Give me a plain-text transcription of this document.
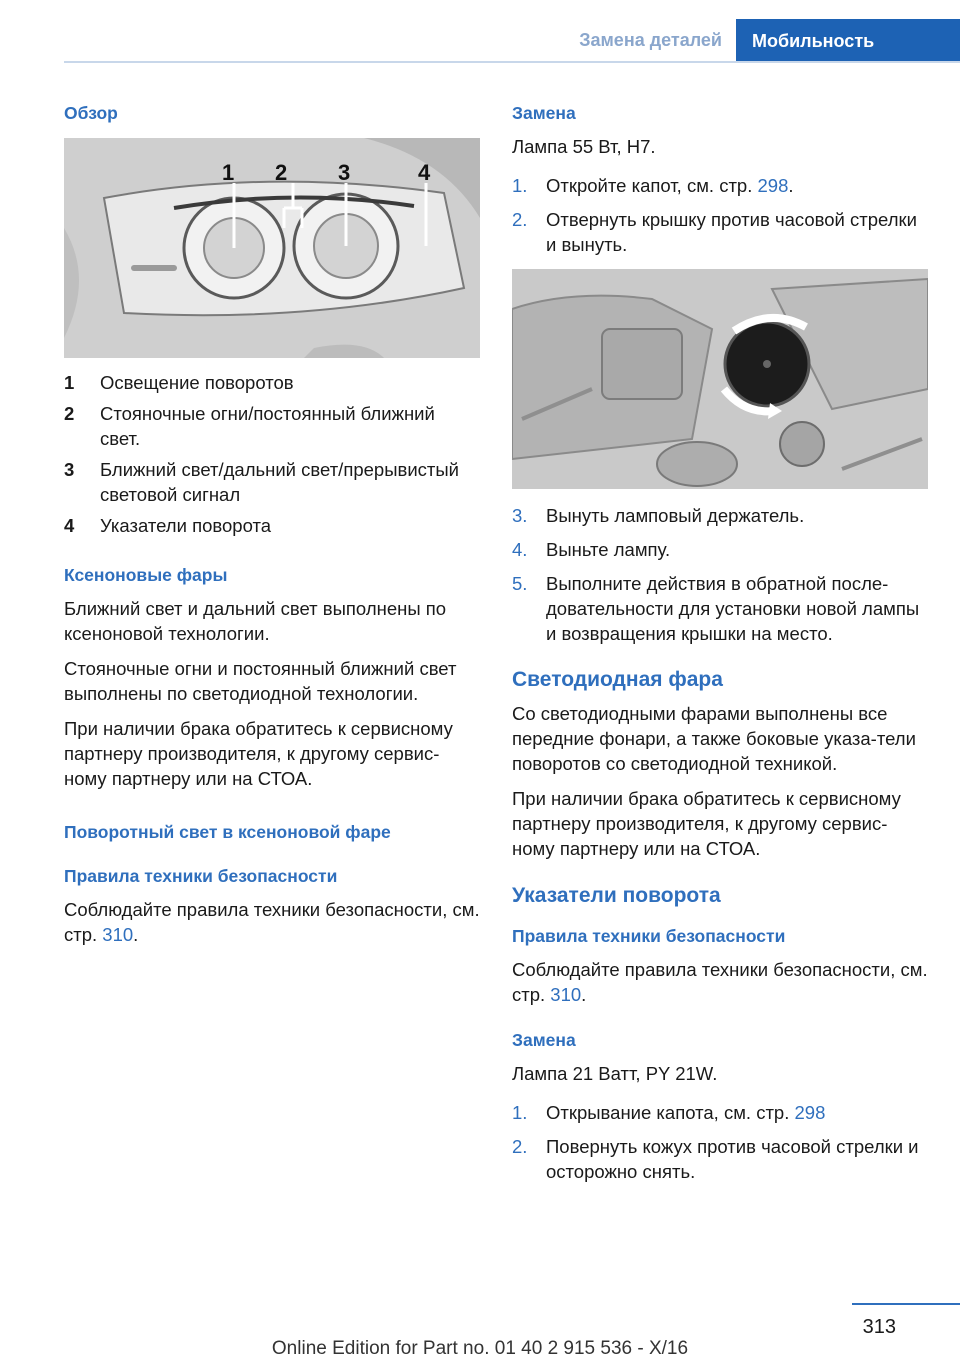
Замена деталей	Мобильность
Обзор
1 2 3	4
1	Освещение поворотов
2	Стояночные огни/постоянный ближний свет.
3	Ближний свет/дальний свет/прерывистый световой сигнал
4	Указатели поворота
Ксеноновые фары

Ближний свет и дальний свет выполнены по ксеноновой технологии.

Стояночные огни и постоянный ближний свет выполнены по светодиодной технологии.

При наличии брака обратитесь к сервисному партнеру производителя, к другому сервис-ному партнеру или на СТОА.

Поворотный свет в ксеноновой фаре
Правила техники безопасности

Соблюдайте правила техники безопасности, см. стр. 310.

Замена

Лампа 55 Вт, H7.

1.	Откройте капот, см. стр. 298.
2.	Отвернуть крышку против часовой стрелки и вынуть.
3.	Вынуть ламповый держатель.
4.	Выньте лампу.
5.	Выполните действия в обратной после-довательности для установки новой лампы и возвращения крышки на место.
Светодиодная фара

Со светодиодными фарами выполнены все передние фонари, а также боковые указа-тели поворотов со светодиодной техникой.

При наличии брака обратитесь к сервисному партнеру производителя, к другому сервис-ному партнеру или на СТОА.

Указатели поворота
Правила техники безопасности

Соблюдайте правила техники безопасности, см. стр. 310.

Замена

Лампа 21 Ватт, PY 21W.

1.	Открывание капота, см. стр. 298
2.	Повернуть кожух против часовой стрелки и осторожно снять.
313
Online Edition for Part no. 01 40 2 915 536 - X/16
